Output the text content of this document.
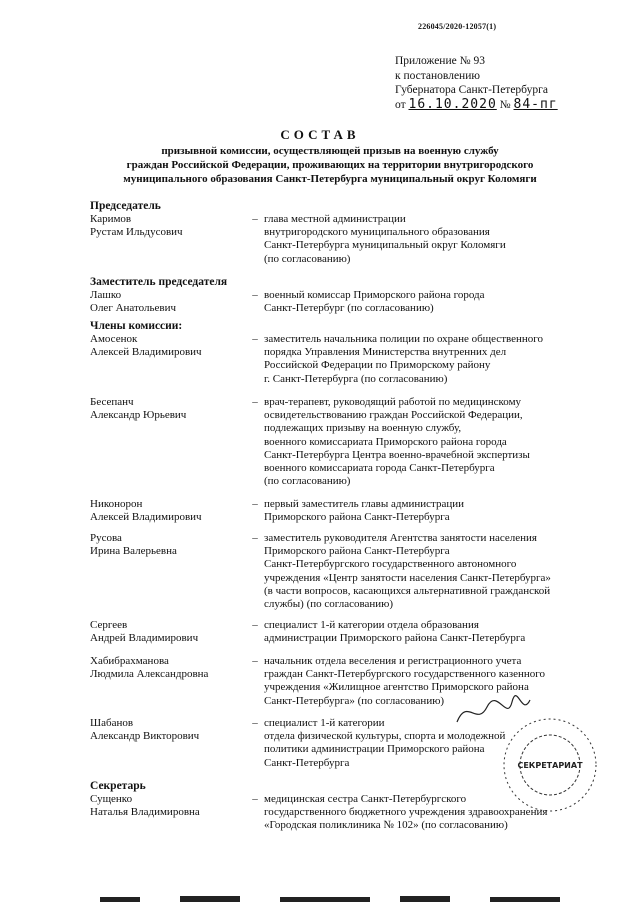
226045/2020-12057(1)
Приложение № 93
к постановлению
Губернатора Санкт-Петербурга
от 16.10.2020 № 84-пг
СОСТАВ
призывной комиссии, осуществляющей призыв на военную службу
граждан Российской Федерации, проживающих на территории внутригородского
муниципального образования Санкт-Петербурга муниципальный округ Коломяги
Председатель
Заместитель председателя
Члены комиссии:
Секретарь
Каримов
Рустам Ильдусович
– глава местной администрации
внутригородского муниципального образования
Санкт-Петербурга муниципальный округ Коломяги
(по согласованию)
Лашко
Олег Анатольевич
– военный комиссар Приморского района города
Санкт-Петербург (по согласованию)
Амосенок
Алексей Владимирович
– заместитель начальника полиции по охране общественного
порядка Управления Министерства внутренних дел
Российской Федерации по Приморскому району
г. Санкт-Петербурга (по согласованию)
Бесепанч
Александр Юрьевич
– врач-терапевт, руководящий работой по медицинскому
освидетельствованию граждан Российской Федерации,
подлежащих призыву на военную службу,
военного комиссариата Приморского района города
Санкт-Петербурга Центра военно-врачебной экспертизы
военного комиссариата города Санкт-Петербурга
(по согласованию)
Никонорон
Алексей Владимирович
– первый заместитель главы администрации
Приморского района Санкт-Петербурга
Русова
Ирина Валерьевна
– заместитель руководителя Агентства занятости населения
Приморского района Санкт-Петербурга
Санкт-Петербургского государственного автономного
учреждения «Центр занятости населения Санкт-Петербурга»
(в части вопросов, касающихся альтернативной гражданской
службы) (по согласованию)
Сергеев
Андрей Владимирович
– специалист 1-й категории отдела образования
администрации Приморского района Санкт-Петербурга
Хабибрахманова
Людмила Александровна
– начальник отдела веселения и регистрационного учета
граждан Санкт-Петербургского государственного казенного
учреждения «Жилищное агентство Приморского района
Санкт-Петербурга» (по согласованию)
Шабанов
Александр Викторович
– специалист 1-й категории
отдела физической культуры, спорта и молодежной
политики администрации Приморского района
Санкт-Петербурга
Сущенко
Наталья Владимировна
– медицинская сестра Санкт-Петербургского
государственного бюджетного учреждения здравоохранения
«Городская поликлиника № 102» (по согласованию)
СЕКРЕТАРИАТ
